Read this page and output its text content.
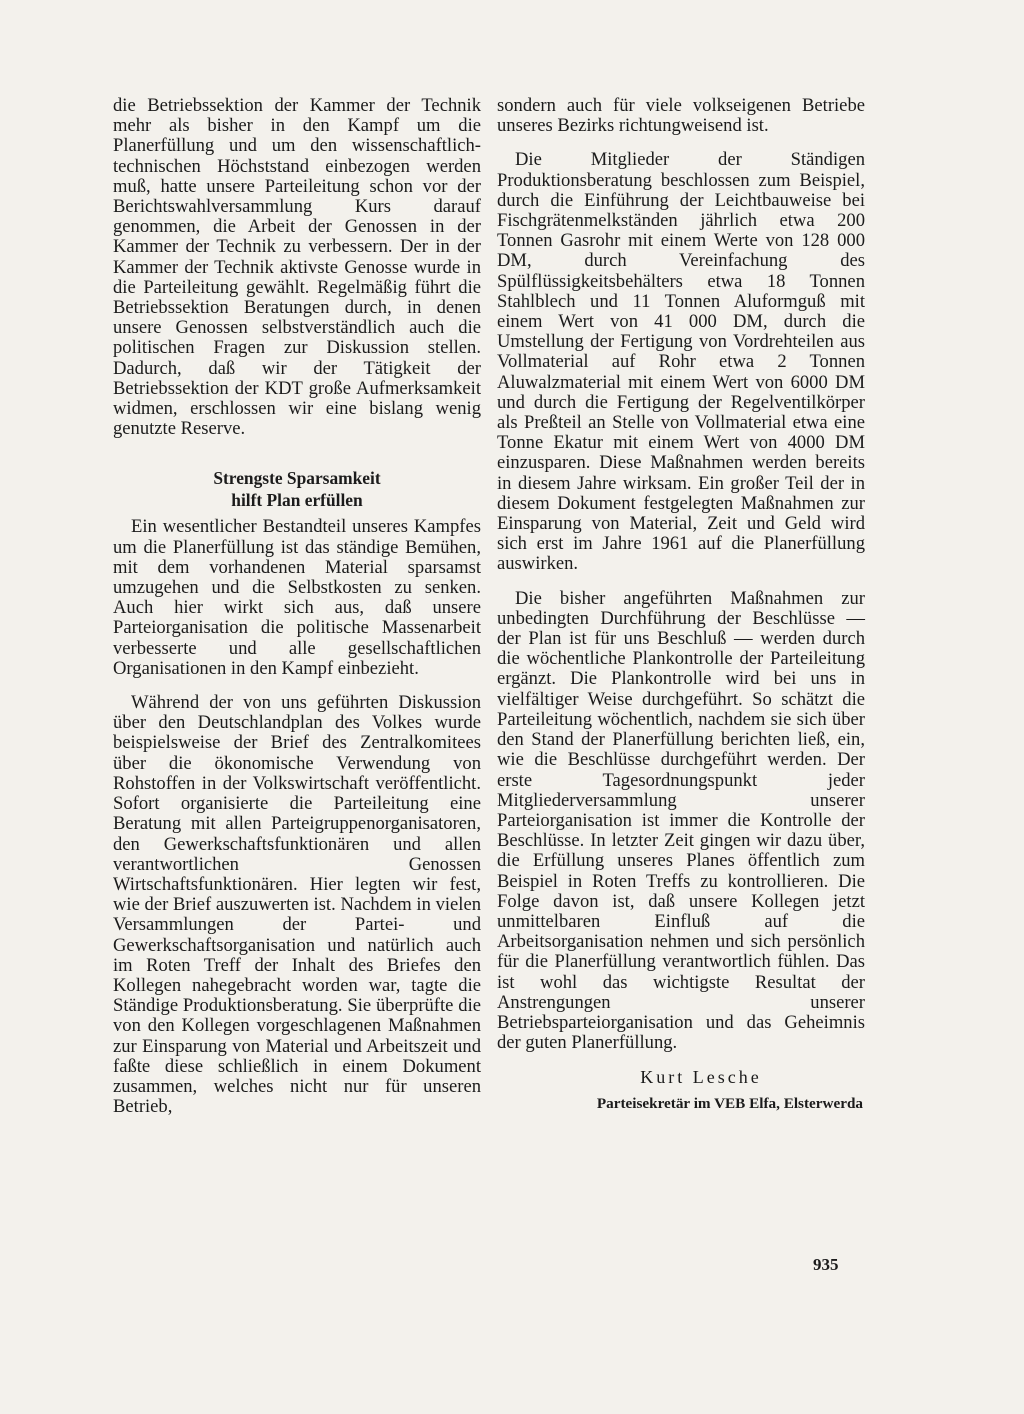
die Betriebssektion der Kammer der Technik mehr als bisher in den Kampf um die Planerfüllung und um den wissenschaftlich-technischen Höchststand einbezogen werden muß, hatte unsere Parteileitung schon vor der Berichtswahlversammlung Kurs darauf genommen, die Arbeit der Genossen in der Kammer der Technik zu verbessern. Der in der Kammer der Technik aktivste Genosse wurde in die Parteileitung gewählt. Regelmäßig führt die Betriebssektion Beratungen durch, in denen unsere Genossen selbstverständlich auch die politischen Fragen zur Diskussion stellen. Dadurch, daß wir der Tätigkeit der Betriebssektion der KDT große Aufmerksamkeit widmen, erschlossen wir eine bislang wenig genutzte Reserve.

Strengste Sparsamkeit
hilft Plan erfüllen

Ein wesentlicher Bestandteil unseres Kampfes um die Planerfüllung ist das ständige Bemühen, mit dem vorhandenen Material sparsamst umzugehen und die Selbstkosten zu senken. Auch hier wirkt sich aus, daß unsere Parteiorganisation die politische Massenarbeit verbesserte und alle gesellschaftlichen Organisationen in den Kampf einbezieht.

Während der von uns geführten Diskussion über den Deutschlandplan des Volkes wurde beispielsweise der Brief des Zentralkomitees über die ökonomische Verwendung von Rohstoffen in der Volkswirtschaft veröffentlicht. Sofort organisierte die Parteileitung eine Beratung mit allen Parteigruppenorganisatoren, den Gewerkschaftsfunktionären und allen verantwortlichen Genossen Wirtschaftsfunktionären. Hier legten wir fest, wie der Brief auszuwerten ist. Nachdem in vielen Versammlungen der Partei- und Gewerkschaftsorganisation und natürlich auch im Roten Treff der Inhalt des Briefes den Kollegen nahegebracht worden war, tagte die Ständige Produktionsberatung. Sie überprüfte die von den Kollegen vorgeschlagenen Maßnahmen zur Einsparung von Material und Arbeitszeit und faßte diese schließlich in einem Dokument zusammen, welches nicht nur für unseren Betrieb,

sondern auch für viele volkseigenen Betriebe unseres Bezirks richtungweisend ist.

Die Mitglieder der Ständigen Produktionsberatung beschlossen zum Beispiel, durch die Einführung der Leichtbauweise bei Fischgrätenmelkständen jährlich etwa 200 Tonnen Gasrohr mit einem Werte von 128 000 DM, durch Vereinfachung des Spülflüssigkeitsbehälters etwa 18 Tonnen Stahlblech und 11 Tonnen Aluformguß mit einem Wert von 41 000 DM, durch die Umstellung der Fertigung von Vordrehteilen aus Vollmaterial auf Rohr etwa 2 Tonnen Aluwalzmaterial mit einem Wert von 6000 DM und durch die Fertigung der Regelventilkörper als Preßteil an Stelle von Vollmaterial etwa eine Tonne Ekatur mit einem Wert von 4000 DM einzusparen. Diese Maßnahmen werden bereits in diesem Jahre wirksam. Ein großer Teil der in diesem Dokument festgelegten Maßnahmen zur Einsparung von Material, Zeit und Geld wird sich erst im Jahre 1961 auf die Planerfüllung auswirken.

Die bisher angeführten Maßnahmen zur unbedingten Durchführung der Beschlüsse — der Plan ist für uns Beschluß — werden durch die wöchentliche Plankontrolle der Parteileitung ergänzt. Die Plankontrolle wird bei uns in vielfältiger Weise durchgeführt. So schätzt die Parteileitung wöchentlich, nachdem sie sich über den Stand der Planerfüllung berichten ließ, ein, wie die Beschlüsse durchgeführt werden. Der erste Tagesordnungspunkt jeder Mitgliederversammlung unserer Parteiorganisation ist immer die Kontrolle der Beschlüsse. In letzter Zeit gingen wir dazu über, die Erfüllung unseres Planes öffentlich zum Beispiel in Roten Treffs zu kontrollieren. Die Folge davon ist, daß unsere Kollegen jetzt unmittelbaren Einfluß auf die Arbeitsorganisation nehmen und sich persönlich für die Planerfüllung verantwortlich fühlen. Das ist wohl das wichtigste Resultat der Anstrengungen unserer Betriebsparteiorganisation und das Geheimnis der guten Planerfüllung.

Kurt Lesche
Parteisekretär im VEB Elfa, Elsterwerda
935
